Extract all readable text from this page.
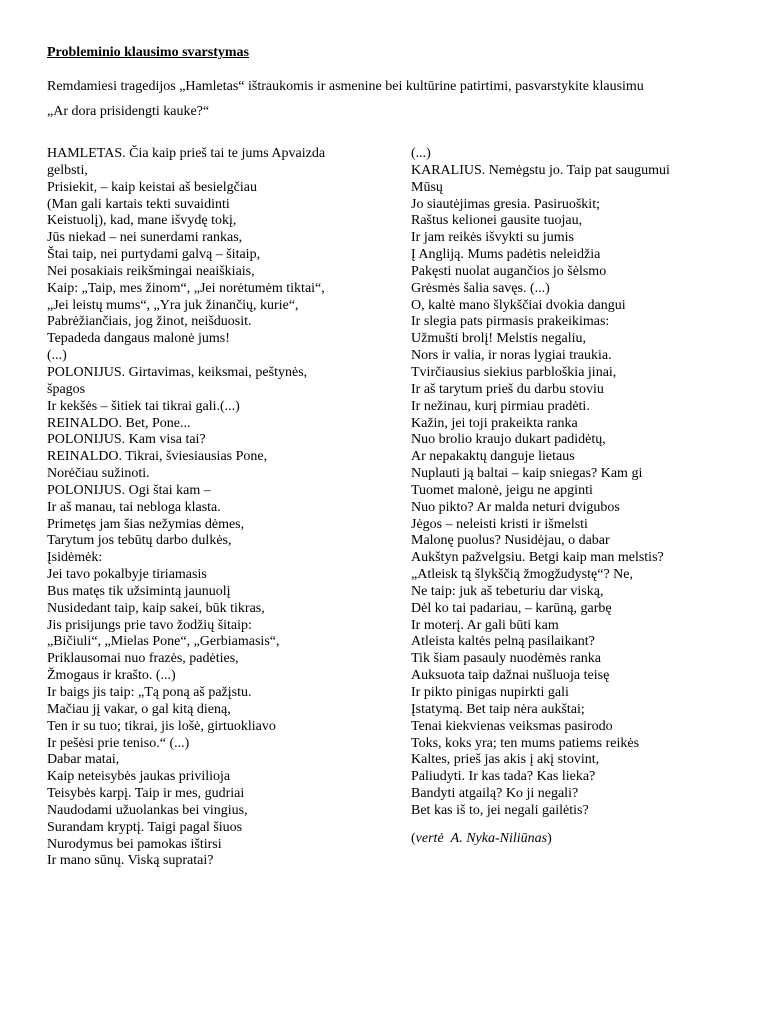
Probleminio klausimo svarstymas
Remdamiesi tragedijos „Hamletas“ ištraukomis ir asmenine bei kultūrine patirtimi, pasvarstykite klausimu
„Ar dora prisidengti kauke?“
HAMLETAS. Čia kaip prieš tai te jums Apvaizda
gelbsti,
Prisiekit, – kaip keistai aš besielgčiau
(Man gali kartais tekti suvaidinti
Keistuolį), kad, mane išvydę tokį,
Jūs niekad – nei sunerdami rankas,
Štai taip, nei purtydami galvą – šitaip,
Nei posakiais reikšmingai neaiškiais,
Kaip: „Taip, mes žinom“, „Jei norėtumėm tiktai“,
„Jei leistų mums“, „Yra juk žinančių, kurie“,
Pabrėžiančiais, jog žinot, neišduosit.
Tepadeda dangaus malonė jums!
(...)
POLONIJUS. Girtavimas, keiksmai, peštynės,
špagos
Ir kekšės – šitiek tai tikrai gali.(...)
REINALDO. Bet, Pone...
POLONIJUS. Kam visa tai?
REINALDO. Tikrai, šviesiausias Pone,
Norėčiau sužinoti.
POLONIJUS. Ogi štai kam –
Ir aš manau, tai nebloga klasta.
Primetęs jam šias nežymias dėmes,
Tarytum jos tebūtų darbo dulkės,
Įsidėmėk:
Jei tavo pokalbyje tiriamasis
Bus matęs tik užsimintą jaunuolį
Nusidedant taip, kaip sakei, būk tikras,
Jis prisijungs prie tavo žodžių šitaip:
„Bičiuli“, „Mielas Pone“, „Gerbiamasis“,
Priklausomai nuo frazės, padėties,
Žmogaus ir krašto. (...)
Ir baigs jis taip: „Tą poną aš pažįstu.
Mačiau jį vakar, o gal kitą dieną,
Ten ir su tuo; tikrai, jis lošė, girtuokliavo
Ir pešėsi prie teniso.“ (...)
Dabar matai,
Kaip neteisybės jaukas privilioja
Teisybės karpį. Taip ir mes, gudriai
Naudodami užuolankas bei vingius,
Surandam kryptį. Taigi pagal šiuos
Nurodymus bei pamokas ištirsi
Ir mano sūnų. Viską supratai?
(...)
KARALIUS. Nemėgstu jo. Taip pat saugumui
Mūsų
Jo siautėjimas gresia. Pasiruoškit;
Raštus kelionei gausite tuojau,
Ir jam reikės išvykti su jumis
Į Angliją. Mums padėtis neleidžia
Pakęsti nuolat augančios jo šėlsmo
Grėsmės šalia savęs. (...)
O, kaltė mano šlykščiai dvokia dangui
Ir slegia pats pirmasis prakeikimas:
Užmušti brolį! Melstis negaliu,
Nors ir valia, ir noras lygiai traukia.
Tvirčiausius siekius parbloškia jinai,
Ir aš tarytum prieš du darbu stoviu
Ir nežinau, kurį pirmiau pradėti.
Kažin, jei toji prakeikta ranka
Nuo brolio kraujo dukart padidėtų,
Ar nepakaktų danguje lietaus
Nuplauti ją baltai – kaip sniegas? Kam gi
Tuomet malonė, jeigu ne apginti
Nuo pikto? Ar malda neturi dvigubos
Jėgos – neleisti kristi ir išmelsti
Malonę puolus? Nusidėjau, o dabar
Aukštyn pažvelgsiu. Betgi kaip man melstis?
„Atleisk tą šlykščią žmogžudystę“? Ne,
Ne taip: juk aš tebeturiu dar viską,
Dėl ko tai padariau, – karūną, garbę
Ir moterį. Ar gali būti kam
Atleista kaltės pelną pasilaikant?
Tik šiam pasauly nuodėmės ranka
Auksuota taip dažnai nušluoja teisę
Ir pikto pinigas nupirkti gali
Įstatymą. Bet taip nėra aukštai;
Tenai kiekvienas veiksmas pasirodo
Toks, koks yra; ten mums patiems reikės
Kaltes, prieš jas akis į akį stovint,
Paliudyti. Ir kas tada? Kas lieka?
Bandyti atgailą? Ko ji negali?
Bet kas iš to, jei negali gailėtis?
(vertė A. Nyka-Niliūnas)
